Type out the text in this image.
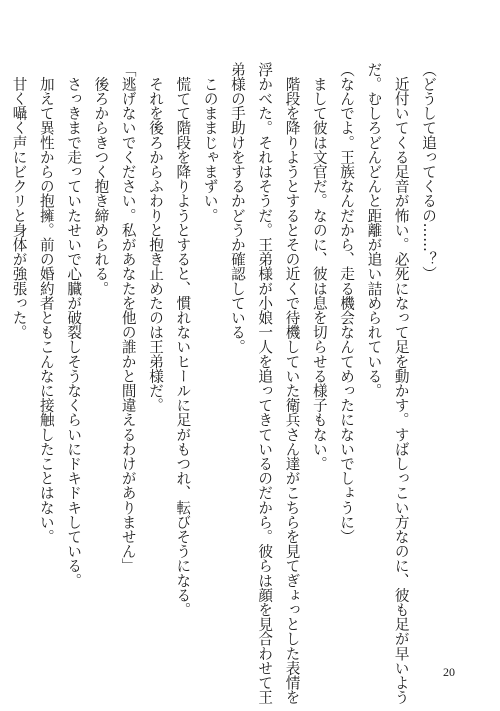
（どうして追ってくるの……？）
　近付いてくる足音が怖い。必死になって足を動かす。すばしっこい方なのに、彼も足が早いよう
だ。むしろどんどんと距離が追い詰められている。
（なんでよ。王族なんだから、走る機会なんてめったにないでしょうに）
　まして彼は文官だ。なのに、彼は息を切らせる様子もない。
　階段を降りようとするとその近くで待機していた衛兵さん達がこちらを見てぎょっとした表情を
浮かべた。それはそうだ。王弟様が小娘一人を追ってきているのだから。彼らは顔を見合わせて王
弟様の手助けをするかどうか確認している。
　このままじゃまずい。
　慌てて階段を降りようとすると、慣れないヒールに足がもつれ、転びそうになる。
　それを後ろからふわりと抱き止めたのは王弟様だ。
「逃げないでください。私があなたを他の誰かと間違えるわけがありません」
　後ろからきつく抱き締められる。
　さっきまで走っていたせいで心臓が破裂しそうなくらいにドキドキしている。
　加えて異性からの抱擁。前の婚約者ともこんなに接触したことはない。
　甘く囁く声にビクリと身体が強張った。
20
